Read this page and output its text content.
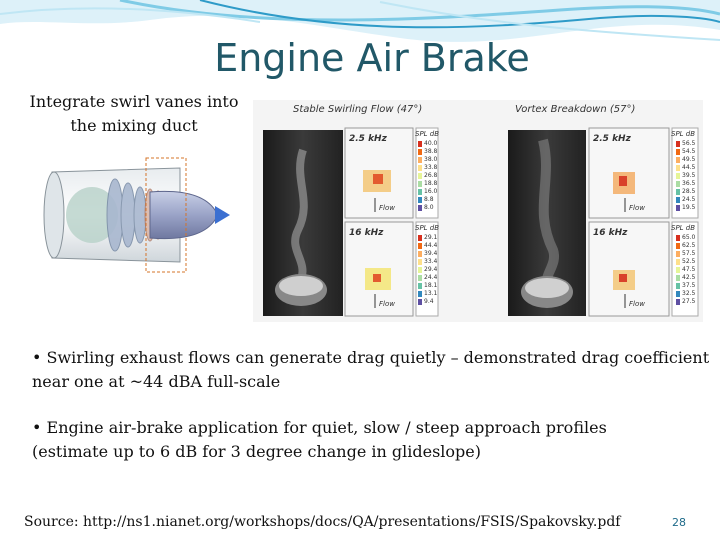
Engine Air Brake
Integrate swirl vanes into the mixing duct
Stable Swirling Flow (47°)	Vortex Breakdown (57°)
2.5 kHz
16 kHz
2.5 kHz
16 kHz
SPL dB
SPL dB
SPL dB
SPL dB
Flow
Flow
Flow
Flow
40.0
38.8
38.0
33.8
26.8
18.8
16.0
8.8
8.0
29.1
44.4
39.4
33.4
29.4
24.4
18.1
13.1
9.4
56.5
54.5
49.5
44.5
39.5
36.5
28.5
24.5
19.5
65.0
62.5
57.5
52.5
47.5
42.5
37.5
32.5
27.5

• Swirling exhaust flows can generate drag quietly – demonstrated drag coefficient near one at ~44 dBA full-scale

• Engine air-brake application for quiet, slow / steep approach profiles

(estimate up to 6 dB for 3 degree change in glideslope)

Source: http://ns1.nianet.org/workshops/docs/QA/presentations/FSIS/Spakovsky.pdf	28
